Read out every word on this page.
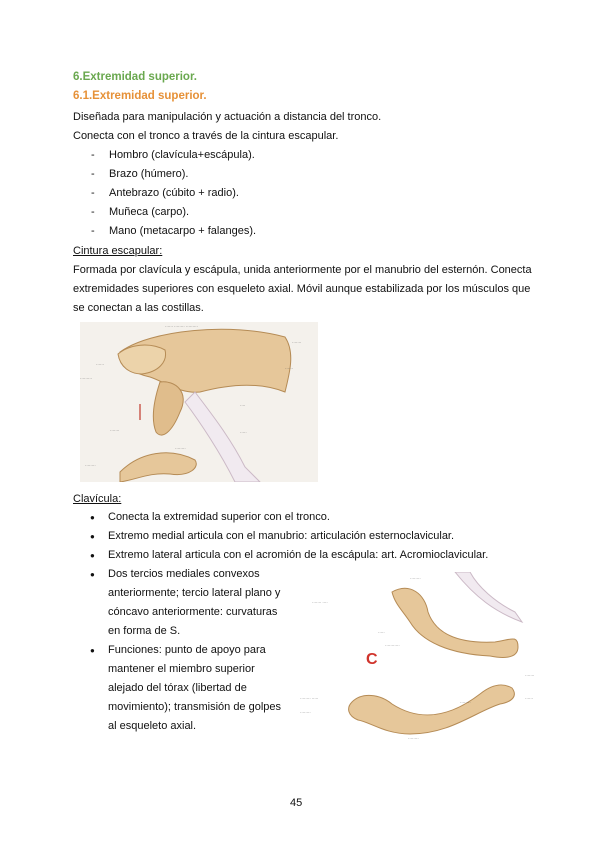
6.Extremidad superior.
6.1.Extremidad superior.
Diseñada para manipulación y actuación a distancia del tronco.
Conecta con el tronco a través de la cintura escapular.
- Hombro (clavícula+escápula).
- Brazo (húmero).
- Antebrazo (cúbito + radio).
- Muñeca (carpo).
- Mano (metacarpo + falanges).
Cintura escapular:
Formada por clavícula y escápula, unida anteriormente por el manubrio del esternón. Conecta
extremidades superiores con esqueleto axial. Móvil aunque estabilizada por los músculos que
se conectan a las costillas.
······ ········ ·········
·······
······
·········
······
·······
····
·····
········
········
Clavícula:
● Conecta la extremidad superior con el tronco.
● Extremo medial articula con el manubrio: articulación esternoclavicular.
● Extremo lateral articula con el acromión de la escápula: art. Acromioclavicular.
● Dos tercios mediales convexos
anteriormente; tercio lateral plano y
cóncavo anteriormente: curvaturas
en forma de S.
● Funciones: punto de apoyo para
mantener el miembro superior
alejado del tórax (libertad de
movimiento); transmisión de golpes
al esqueleto axial.
C
········
······· ····
·····
···········
·······
········ ·····
········
········
······
········
45
